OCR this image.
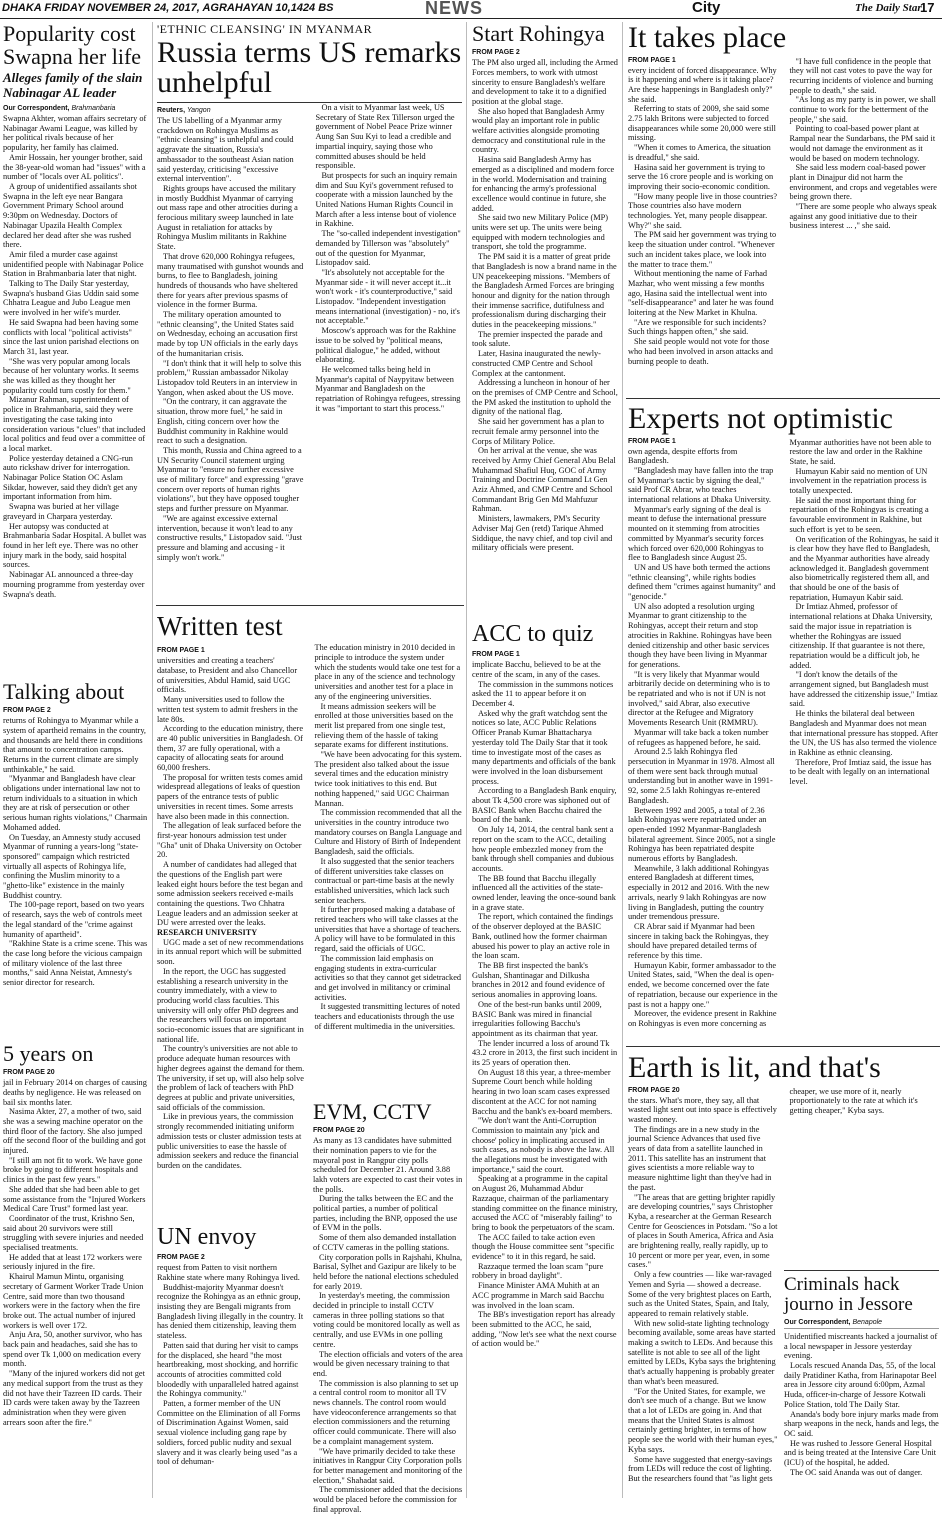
DHAKA FRIDAY NOVEMBER 24, 2017, AGRAHAYAN 10,1424 BS	NEWS	City	The Daily Star
17
Popularity cost Swapna her life
Alleges family of the slain Nabinagar AL leader
Our Correspondent, Brahmanbaria

Swapna Akhter, woman affairs secretary of Nabinagar Awami League, was killed by her political rivals because of her popularity, her family has claimed.

Amir Hossain, her younger brother, said the 38-year-old woman had "issues" with a number of "locals over AL politics".

A group of unidentified assailants shot Swapna in the left eye near Bangara Government Primary School around 9:30pm on Wednesday. Doctors of Nabinagar Upazila Health Complex declared her dead after she was rushed there.

Amir filed a murder case against unidentified people with Nabinagar Police Station in Brahmanbaria later that night.

Talking to The Daily Star yesterday, Swapna's husband Gias Uddin said some Chhatra League and Jubo League men were involved in her wife's murder.

He said Swapna had been having some conflicts with local "political activists" since the last union parishad elections on March 31, last year.

"She was very popular among locals because of her voluntary works. It seems she was killed as they thought her popularity could turn costly for them."

Mizanur Rahman, superintendent of police in Brahmanbaria, said they were investigating the case taking into consideration various "clues" that included local politics and feud over a committee of a local market.

Police yesterday detained a CNG-run auto rickshaw driver for interrogation. Nabinagar Police Station OC Aslam Sikdar, however, said they didn't get any important information from him.

Swapna was buried at her village graveyard in Charpara yesterday.

Her autopsy was conducted at Brahmanbaria Sadar Hospital. A bullet was found in her left eye. There was no other injury mark in the body, said hospital sources.

Nabinagar AL announced a three-day mourning programme from yesterday over Swapna's death.

Talking about
FROM PAGE 2

returns of Rohingya to Myanmar while a system of apartheid remains in the country, and thousands are held there in conditions that amount to concentration camps. Returns in the current climate are simply unthinkable," he said.

"Myanmar and Bangladesh have clear obligations under international law not to return individuals to a situation in which they are at risk of persecution or other serious human rights violations," Charmain Mohamed added.

On Tuesday, an Amnesty study accused Myanmar of running a years-long "state-sponsored" campaign which restricted virtually all aspects of Rohingya life, confining the Muslim minority to a "ghetto-like" existence in the mainly Buddhist country.

The 100-page report, based on two years of research, says the web of controls meet the legal standard of the "crime against humanity of apartheid".

"Rakhine State is a crime scene. This was the case long before the vicious campaign of military violence of the last three months," said Anna Neistat, Amnesty's senior director for research.

5 years on
FROM PAGE 20

jail in February 2014 on charges of causing deaths by negligence. He was released on bail six months later.

Nasima Akter, 27, a mother of two, said she was a sewing machine operator on the third floor of the factory. She also jumped off the second floor of the building and got injured.

"I still am not fit to work. We have gone broke by going to different hospitals and clinics in the past few years."

She added that she had been able to get some assistance from the "Injured Workers Medical Care Trust" formed last year.

Coordinator of the trust, Krishno Sen, said about 20 survivors were still struggling with severe injuries and needed specialised treatments.

He added that at least 172 workers were seriously injured in the fire.

Khairul Mamun Mintu, organising secretary of Garment Worker Trade Union Centre, said more than two thousand workers were in the factory when the fire broke out. The actual number of injured workers is well over 172.

Anju Ara, 50, another survivor, who has back pain and headaches, said she has to spend over Tk 1,000 on medication every month.

"Many of the injured workers did not get any medical support from the trust as they did not have their Tazreen ID cards. Their ID cards were taken away by the Tazreen administration when they were given arrears soon after the fire."

'ETHNIC CLEANSING' IN MYANMAR
Russia terms US remarks unhelpful
Reuters, Yangon

The US labelling of a Myanmar army crackdown on Rohingya Muslims as "ethnic cleansing" is unhelpful and could aggravate the situation, Russia's ambassador to the southeast Asian nation said yesterday, criticising "excessive external intervention".

Rights groups have accused the military in mostly Buddhist Myanmar of carrying out mass rape and other atrocities during a ferocious military sweep launched in late August in retaliation for attacks by Rohingya Muslim militants in Rakhine State.

That drove 620,000 Rohingya refugees, many traumatised with gunshot wounds and burns, to flee to Bangladesh, joining hundreds of thousands who have sheltered there for years after previous spasms of violence in the former Burma.

The military operation amounted to "ethnic cleansing", the United States said on Wednesday, echoing an accusation first made by top UN officials in the early days of the humanitarian crisis.

"I don't think that it will help to solve this problem," Russian ambassador Nikolay Listopadov told Reuters in an interview in Yangon, when asked about the US move.

"On the contrary, it can aggravate the situation, throw more fuel," he said in English, citing concern over how the Buddhist community in Rakhine would react to such a designation.

This month, Russia and China agreed to a UN Security Council statement urging Myanmar to "ensure no further excessive use of military force" and expressing "grave concern over reports of human rights violations", but they have opposed tougher steps and further pressure on Myanmar.

"We are against excessive external intervention, because it won't lead to any constructive results," Listopadov said. "Just pressure and blaming and accusing - it simply won't work."

On a visit to Myanmar last week, US Secretary of State Rex Tillerson urged the government of Nobel Peace Prize winner Aung San Suu Kyi to lead a credible and impartial inquiry, saying those who committed abuses should be held responsible.

But prospects for such an inquiry remain dim and Suu Kyi's government refused to cooperate with a mission launched by the United Nations Human Rights Council in March after a less intense bout of violence in Rakhine.

The "so-called independent investigation" demanded by Tillerson was "absolutely" out of the question for Myanmar, Listopadov said.

"It's absolutely not acceptable for the Myanmar side - it will never accept it...it won't work - it's counterproductive," said Listopadov. "Independent investigation means international (investigation) - no, it's not acceptable."

Moscow's approach was for the Rakhine issue to be solved by "political means, political dialogue," he added, without elaborating.

He welcomed talks being held in Myanmar's capital of Naypyitaw between Myanmar and Bangladesh on the repatriation of Rohingya refugees, stressing it was "important to start this process."

Written test
FROM PAGE 1

universities and creating a teachers' database, to President and also Chancellor of universities, Abdul Hamid, said UGC officials.

Many universities used to follow the written test system to admit freshers in the late 80s.

According to the education ministry, there are 40 public universities in Bangladesh. Of them, 37 are fully operational, with a capacity of allocating seats for around 60,000 freshers.

The proposal for written tests comes amid widespread allegations of leaks of question papers of the entrance tests of public universities in recent times. Some arrests have also been made in this connection.

The allegation of leak surfaced before the first-year honours admission test under "Gha" unit of Dhaka University on October 20.

A number of candidates had alleged that the questions of the English part were leaked eight hours before the test began and some admission seekers received e-mails containing the questions. Two Chhatra League leaders and an admission seeker at DU were arrested over the leaks.

RESEARCH UNIVERSITY

UGC made a set of new recommendations in its annual report which will be submitted soon.

In the report, the UGC has suggested establishing a research university in the country immediately, with a view to producing world class faculties. This university will only offer PhD degrees and the researchers will focus on important socio-economic issues that are significant in national life.

The country's universities are not able to produce adequate human resources with higher degrees against the demand for them. The university, if set up, will also help solve the problem of lack of teachers with PhD degrees at public and private universities, said officials of the commission.

Like in previous years, the commission strongly recommended initiating uniform admission tests or cluster admission tests at public universities to ease the hassle of admission seekers and reduce the financial burden on the candidates.

The education ministry in 2010 decided in principle to introduce the system under which the students would take one test for a place in any of the science and technology universities and another test for a place in any of the engineering universities.

It means admission seekers will be enrolled at those universities based on the merit list prepared from one single test, relieving them of the hassle of taking separate exams for different institutions.

"We have been advocating for this system. The president also talked about the issue several times and the education ministry twice took initiatives to this end. But nothing happened," said UGC Chairman Mannan.

The commission recommended that all the universities in the country introduce two mandatory courses on Bangla Language and Culture and History of Birth of Independent Bangladesh, said the officials.

It also suggested that the senior teachers of different universities take classes on contractual or part-time basis at the newly established universities, which lack such senior teachers.

It further proposed making a database of retired teachers who will take classes at the universities that have a shortage of teachers. A policy will have to be formulated in this regard, said the officials of UGC.

The commission laid emphasis on engaging students in extra-curricular activities so that they cannot get sidetracked and get involved in militancy or criminal activities.

It suggested transmitting lectures of noted teachers and educationists through the use of different multimedia in the universities.

UN envoy
FROM PAGE 2

request from Patten to visit northern Rakhine state where many Rohingya lived.

Buddhist-majority Myanmar doesn't recognize the Rohingya as an ethnic group, insisting they are Bengali migrants from Bangladesh living illegally in the country. It has denied them citizenship, leaving them stateless.

Patten said that during her visit to camps for the displaced, she heard "the most heartbreaking, most shocking, and horrific accounts of atrocities committed cold bloodedly with unparalleled hatred against the Rohingya community."

Patten, a former member of the UN Committee on the Elimination of all Forms of Discrimination Against Women, said sexual violence including gang rape by soldiers, forced public nudity and sexual slavery and it was clearly being used "as a tool of dehuman-

EVM, CCTV
FROM PAGE 20

As many as 13 candidates have submitted their nomination papers to vie for the mayoral post in Rangpur city polls scheduled for December 21. Around 3.88 lakh voters are expected to cast their votes in the polls.

During the talks between the EC and the political parties, a number of political parties, including the BNP, opposed the use of EVM in the polls.

Some of them also demanded installation of CCTV cameras in the polling stations.

City corporation polls in Rajshahi, Khulna, Barisal, Sylhet and Gazipur are likely to be held before the national elections scheduled for early 2019.

In yesterday's meeting, the commission decided in principle to install CCTV cameras in three polling stations so that voting could be monitored locally as well as centrally, and use EVMs in one polling centre.

The election officials and voters of the area would be given necessary training to that end.

The commission is also planning to set up a central control room to monitor all TV news channels. The control room would have videoconference arrangements so that election commissioners and the returning officer could communicate. There will also be a complaint management system.

"We have primarily decided to take these initiatives in Rangpur City Corporation polls for better management and monitoring of the election," Shahadat said.

The commissioner added that the decisions would be placed before the commission for final approval.

Start Rohingya
FROM PAGE 2

The PM also urged all, including the Armed Forces members, to work with utmost sincerity to ensure Bangladesh's welfare and development to take it to a dignified position at the global stage.

She also hoped that Bangladesh Army would play an important role in public welfare activities alongside promoting democracy and constitutional rule in the country.

Hasina said Bangladesh Army has emerged as a disciplined and modern force in the world. Modernisation and training for enhancing the army's professional excellence would continue in future, she added.

She said two new Military Police (MP) units were set up. The units were being equipped with modern technologies and transport, she told the programme.

The PM said it is a matter of great pride that Bangladesh is now a brand name in the UN peacekeeping missions. "Members of the Bangladesh Armed Forces are bringing honour and dignity for the nation through their immense sacrifice, dutifulness and professionalism during discharging their duties in the peacekeeping missions."

The premier inspected the parade and took salute.

Later, Hasina inaugurated the newly-constructed CMP Centre and School Complex at the cantonment.

Addressing a luncheon in honour of her on the premises of CMP Centre and School, the PM asked the institution to uphold the dignity of the national flag.

She said her government has a plan to recruit female army personnel into the Corps of Military Police.

On her arrival at the venue, she was received by Army Chief General Abu Belal Muhammad Shafiul Huq, GOC of Army Training and Doctrine Command Lt Gen Aziz Ahmed, and CMP Centre and School Commandant Brig Gen Md Mahfuzur Rahman.

Ministers, lawmakers, PM's Security Adviser Maj Gen (retd) Tarique Ahmed Siddique, the navy chief, and top civil and military officials were present.

ACC to quiz
FROM PAGE 1

implicate Bacchu, believed to be at the centre of the scam, in any of the cases.

The commission in the summons notices asked the 11 to appear before it on December 4.

Asked why the graft watchdog sent the notices so late, ACC Public Relations Officer Pranab Kumar Bhattacharya yesterday told The Daily Star that it took time to investigate most of the cases as many departments and officials of the bank were involved in the loan disbursement process.

According to a Bangladesh Bank enquiry, about Tk 4,500 crore was siphoned out of BASIC Bank when Bacchu chaired the board of the bank.

On July 14, 2014, the central bank sent a report on the scam to the ACC, detailing how people embezzled money from the bank through shell companies and dubious accounts.

The BB found that Bacchu illegally influenced all the activities of the state-owned lender, leaving the once-sound bank in a grave state.

The report, which contained the findings of the observer deployed at the BASIC Bank, outlined how the former chairman abused his power to play an active role in the loan scam.

The BB first inspected the bank's Gulshan, Shantinagar and Dilkusha branches in 2012 and found evidence of serious anomalies in approving loans.

One of the best-run banks until 2009, BASIC Bank was mired in financial irregularities following Bacchu's appointment as its chairman that year.

The lender incurred a loss of around Tk 43.2 crore in 2013, the first such incident in its 25 years of operation then.

On August 18 this year, a three-member Supreme Court bench while holding hearing in two loan scam cases expressed discontent at the ACC for not naming Bacchu and the bank's ex-board members.

"We don't want the Anti-Corruption Commission to maintain any 'pick and choose' policy in implicating accused in such cases, as nobody is above the law. All the allegations must be investigated with importance," said the court.

Speaking at a programme in the capital on August 26, Muhammad Abdur Razzaque, chairman of the parliamentary standing committee on the finance ministry, accused the ACC of "miserably failing" to bring to book the perpetuators of the scam.

The ACC failed to take action even though the House committee sent "specific evidence" to it in this regard, he said.

Razzaque termed the loan scam "pure robbery in broad daylight".

Finance Minister AMA Muhith at an ACC programme in March said Bacchu was involved in the loan scam.

The BB's investigation report has already been submitted to the ACC, he said, adding, "Now let's see what the next course of action would be."

It takes place
FROM PAGE 1

every incident of forced disappearance. Why is it happening and where is it taking place? Are these happenings in Bangladesh only?" she said.

Referring to stats of 2009, she said some 2.75 lakh Britons were subjected to forced disappearances while some 20,000 were still missing.

"When it comes to America, the situation is dreadful," she said.

Hasina said her government is trying to serve the 16 crore people and is working on improving their socio-economic condition.

"How many people live in those countries? Those countries also have modern technologies. Yet, many people disappear. Why?" she said.

The PM said her government was trying to keep the situation under control. "Whenever such an incident takes place, we look into the matter to trace them."

Without mentioning the name of Farhad Mazhar, who went missing a few months ago, Hasina said the intellectual went into "self-disappearance" and later he was found loitering at the New Market in Khulna.

"Are we responsible for such incidents? Such things happen often," she said.

She said people would not vote for those who had been involved in arson attacks and burning people to death.

"I have full confidence in the people that they will not cast votes to pave the way for recurring incidents of violence and burning people to death," she said.

"As long as my party is in power, we shall continue to work for the betterment of the people," she said.

Pointing to coal-based power plant at Rampal near the Sundarbans, the PM said it would not damage the environment as it would be based on modern technology.

She said less modern coal-based power plant in Dinajpur did not harm the environment, and crops and vegetables were being grown there.

"There are some people who always speak against any good initiative due to their business interest ... ," she said.

Experts not optimistic
FROM PAGE 1

own agenda, despite efforts from Bangladesh.

"Bangladesh may have fallen into the trap of Myanmar's tactic by signing the deal," said Prof CR Abrar, who teaches international relations at Dhaka University.

Myanmar's early signing of the deal is meant to defuse the international pressure mounted on it stemming from atrocities committed by Myanmar's security forces which forced over 620,000 Rohingyas to flee to Bangladesh since August 25.

UN and US have both termed the actions "ethnic cleansing", while rights bodies defined them "crimes against humanity" and "genocide."

UN also adopted a resolution urging Myanmar to grant citizenship to the Rohingyas, accept their return and stop atrocities in Rakhine. Rohingyas have been denied citizenship and other basic services though they have been living in Myanmar for generations.

"It is very likely that Myanmar would arbitrarily decide on determining who is to be repatriated and who is not if UN is not involved," said Abrar, also executive director at the Refugee and Migratory Movements Research Unit (RMMRU).

Myanmar will take back a token number of refugees as happened before, he said.

Around 2.5 lakh Rohingya fled persecution in Myanmar in 1978. Almost all of them were sent back through mutual understanding but in another wave in 1991-92, some 2.5 lakh Rohingyas re-entered Bangladesh.

Between 1992 and 2005, a total of 2.36 lakh Rohingyas were repatriated under an open-ended 1992 Myanmar-Bangladesh bilateral agreement. Since 2005, not a single Rohingya has been repatriated despite numerous efforts by Bangladesh.

Meanwhile, 3 lakh additional Rohingyas entered Bangladesh at different times, especially in 2012 and 2016. With the new arrivals, nearly 9 lakh Rohingyas are now living in Bangladesh, putting the country under tremendous pressure.

CR Abrar said if Myanmar had been sincere in taking back the Rohingyas, they should have prepared detailed terms of reference by this time.

Humayun Kabir, former ambassador to the United States, said, "When the deal is open-ended, we become concerned over the fate of repatriation, because our experience in the past is not a happy one."

Moreover, the evidence present in Rakhine on Rohingyas is even more concerning as Myanmar authorities have not been able to restore the law and order in the Rakhine State, he said.

Humayun Kabir said no mention of UN involvement in the repatriation process is totally unexpected.

He said the most important thing for repatriation of the Rohingyas is creating a favourable environment in Rakhine, but such effort is yet to be seen.

On verification of the Rohingyas, he said it is clear how they have fled to Bangladesh, and the Myanmar authorities have already acknowledged it. Bangladesh government also biometrically registered them all, and that should be one of the basis of repatriation, Humayun Kabir said.

Dr Imtiaz Ahmed, professor of international relations at Dhaka University, said the major issue in repatriation is whether the Rohingyas are issued citizenship. If that guarantee is not there, repatriation would be a difficult job, he added.

"I don't know the details of the arrangement signed, but Bangladesh must have addressed the citizenship issue," Imtiaz said.

He thinks the bilateral deal between Bangladesh and Myanmar does not mean that international pressure has stopped. After the UN, the US has also termed the violence in Rakhine as ethnic cleansing.

Therefore, Prof Imtiaz said, the issue has to be dealt with legally on an international level.

Earth is lit, and that's
FROM PAGE 20

the stars. What's more, they say, all that wasted light sent out into space is effectively wasted money.

The findings are in a new study in the journal Science Advances that used five years of data from a satellite launched in 2011. This satellite has an instrument that gives scientists a more reliable way to measure nighttime light than they've had in the past.

"The areas that are getting brighter rapidly are developing countries," says Christopher Kyba, a researcher at the German Research Centre for Geosciences in Potsdam. "So a lot of places in South America, Africa and Asia are brightening really, really rapidly, up to 10 percent or more per year, even, in some cases."

Only a few countries — like war-ravaged Yemen and Syria — showed a decrease. Some of the very brightest places on Earth, such as the United States, Spain, and Italy, appeared to remain relatively stable.

With new solid-state lighting technology becoming available, some areas have started making a switch to LEDs. And because this satellite is not able to see all of the light emitted by LEDs, Kyba says the brightening that's actually happening is probably greater than what's been measured.

"For the United States, for example, we don't see much of a change. But we know that a lot of LEDs are going in. And that means that the United States is almost certainly getting brighter, in terms of how people see the world with their human eyes," Kyba says.

Some have suggested that energy-savings from LEDs will reduce the cost of lighting. But the researchers found that "as light gets cheaper, we use more of it, nearly proportionately to the rate at which it's getting cheaper," Kyba says.

Criminals hack journo in Jessore
Our Correspondent, Benapole

Unidentified miscreants hacked a journalist of a local newspaper in Jessore yesterday evening.

Locals rescued Ananda Das, 55, of the local daily Pratidiner Katha, from Harinapotar Beel area in Jessore city around 6:00pm, Azmal Huda, officer-in-charge of Jessore Kotwali Police Station, told The Daily Star.

Ananda's body bore injury marks made from sharp weapons in the neck, hands and legs, the OC said.

He was rushed to Jessore General Hospital and is being treated at the Intensive Care Unit (ICU) of the hospital, he added.

The OC said Ananda was out of danger.
